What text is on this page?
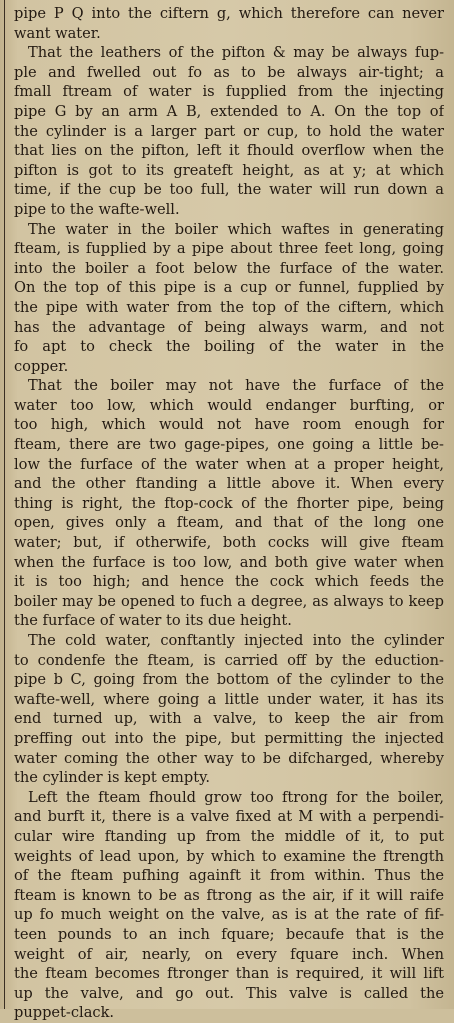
pipe P Q into the ciftern g, which therefore can never
want water.
That the leathers of the pifton & may be always fup-
ple and fwelled out fo as to be always air-tight; a
fmall ftream of water is fupplied from the injecting
pipe G by an arm A B, extended to A. On the top of
the cylinder is a larger part or cup, to hold the water
that lies on the pifton, left it fhould overflow when the
pifton is got to its greateft height, as at y; at which
time, if the cup be too full, the water will run down a
pipe to the wafte-well.
The water in the boiler which waftes in generating
fteam, is fupplied by a pipe about three feet long, going
into the boiler a foot below the furface of the water.
On the top of this pipe is a cup or funnel, fupplied by
the pipe with water from the top of the ciftern, which
has the advantage of being always warm, and not
fo apt to check the boiling of the water in the
copper.
That the boiler may not have the furface of the
water too low, which would endanger burfting, or
too high, which would not have room enough for
fteam, there are two gage-pipes, one going a little be-
low the furface of the water when at a proper height,
and the other ftanding a little above it. When every
thing is right, the ftop-cock of the fhorter pipe, being
open, gives only a fteam, and that of the long one
water; but, if otherwife, both cocks will give fteam
when the furface is too low, and both give water when
it is too high; and hence the cock which feeds the
boiler may be opened to fuch a degree, as always to keep
the furface of water to its due height.
The cold water, conftantly injected into the cylinder
to condenfe the fteam, is carried off by the eduction-
pipe b C, going from the bottom of the cylinder to the
wafte-well, where going a little under water, it has its
end turned up, with a valve, to keep the air from
preffing out into the pipe, but permitting the injected
water coming the other way to be difcharged, whereby
the cylinder is kept empty.
Left the fteam fhould grow too ftrong for the boiler,
and burft it, there is a valve fixed at M with a perpendi-
cular wire ftanding up from the middle of it, to put
weights of lead upon, by which to examine the ftrength
of the fteam pufhing againft it from within. Thus the
fteam is known to be as ftrong as the air, if it will raife
up fo much weight on the valve, as is at the rate of fif-
teen pounds to an inch fquare; becaufe that is the
weight of air, nearly, on every fquare inch. When
the fteam becomes ftronger than is required, it will lift
up the valve, and go out. This valve is called the
puppet-clack.
